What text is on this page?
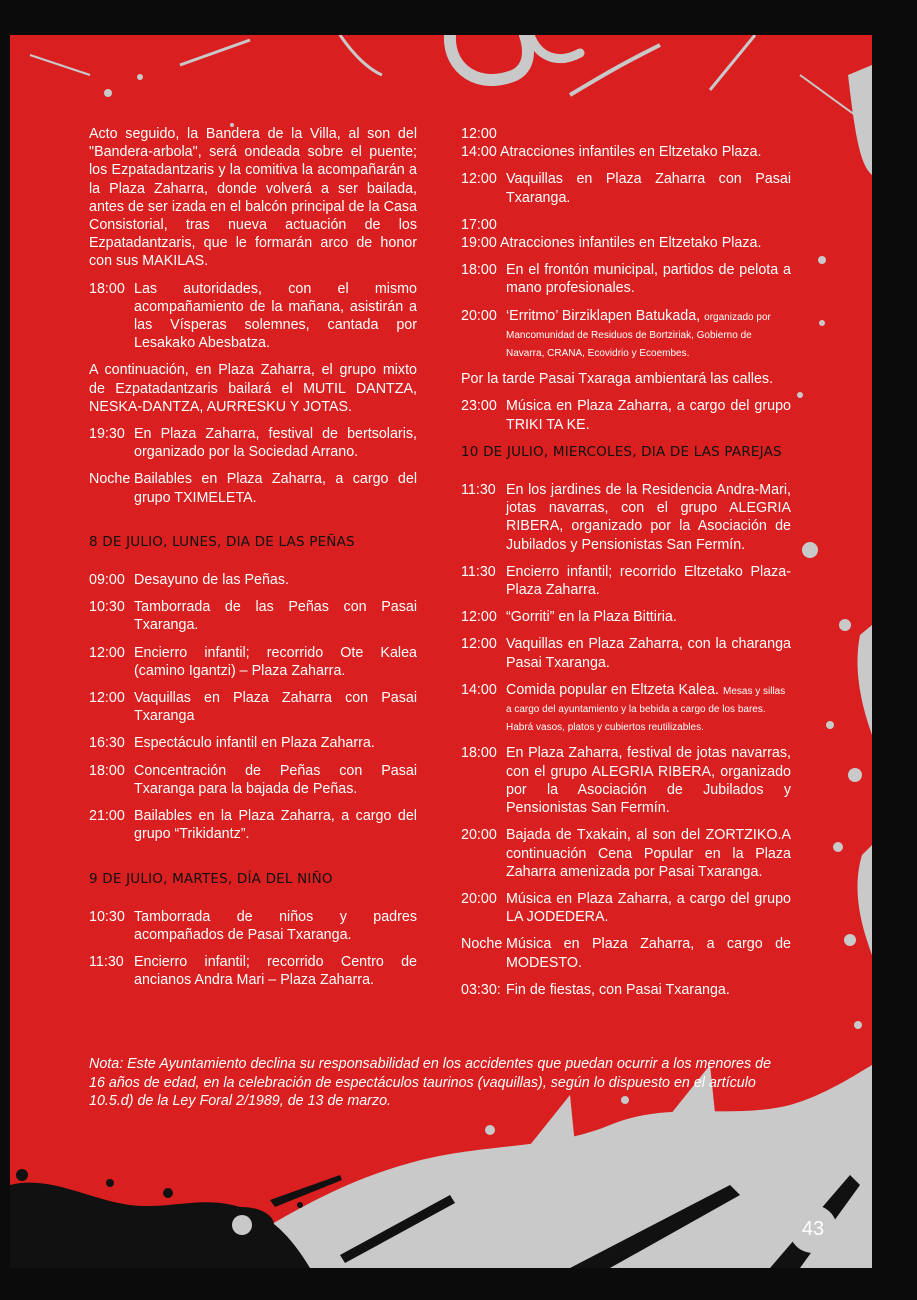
Acto seguido, la Bandera de la Villa, al son del "Bandera-arbola", será ondeada sobre el puente; los Ezpatadantzaris y la comitiva la acompañarán a la Plaza Zaharra, donde volverá a ser bailada, antes de ser izada en el balcón principal de la Casa Consistorial, tras nueva actuación de los Ezpatadantzaris, que le formarán arco de honor con sus MAKILAS.

18:00 Las autoridades, con el mismo acompañamiento de la mañana, asistirán a las Vísperas solemnes, cantada por Lesakako Abesbatza.

A continuación, en Plaza Zaharra, el grupo mixto de Ezpatadantzaris bailará el MUTIL DANTZA, NESKA-DANTZA, AURRESKU Y JOTAS.

19:30 En Plaza Zaharra, festival de bertsolaris, organizado por la Sociedad Arrano.
Noche Bailables en Plaza Zaharra, a cargo del grupo TXIMELETA.
8 DE JULIO, LUNES, DIA DE LAS PEÑAS
09:00 Desayuno de las Peñas.
10:30 Tamborrada de las Peñas con Pasai Txaranga.
12:00 Encierro infantil; recorrido Ote Kalea (camino Igantzi) – Plaza Zaharra.
12:00 Vaquillas en Plaza Zaharra con Pasai Txaranga
16:30 Espectáculo infantil en Plaza Zaharra.
18:00 Concentración de Peñas con Pasai Txaranga para la bajada de Peñas.
21:00 Bailables en la Plaza Zaharra, a cargo del grupo “Trikidantz”.
9 DE JULIO, MARTES, DÍA DEL NIÑO
10:30 Tamborrada de niños y padres acompañados de Pasai Txaranga.
11:30 Encierro infantil; recorrido Centro de ancianos Andra Mari – Plaza Zaharra.
12:00
14:00 Atracciones infantiles en Eltzetako Plaza.
12:00 Vaquillas en Plaza Zaharra con Pasai Txaranga.
17:00
19:00 Atracciones infantiles en Eltzetako Plaza.
18:00 En el frontón municipal, partidos de pelota a mano profesionales.
20:00 ‘Erritmo’ Birziklapen Batukada, organizado por Mancomunidad de Residuos de Bortziriak, Gobierno de Navarra, CRANA, Ecovidrio y Ecoembes.

Por la tarde Pasai Txaraga ambientará las calles.

23:00 Música en Plaza Zaharra, a cargo del grupo TRIKI TA KE.
10 DE JULIO, MIERCOLES, DIA DE LAS PAREJAS
11:30 En los jardines de la Residencia Andra-Mari, jotas navarras, con el grupo ALEGRIA RIBERA, organizado por la Asociación de Jubilados y Pensionistas San Fermín.
11:30 Encierro infantil; recorrido Eltzetako Plaza-Plaza Zaharra.
12:00 “Gorriti” en la Plaza Bittiria.
12:00 Vaquillas en Plaza Zaharra, con la charanga Pasai Txaranga.
14:00 Comida popular en Eltzeta Kalea. Mesas y sillas a cargo del ayuntamiento y la bebida a cargo de los bares. Habrá vasos, platos y cubiertos reutilizables.
18:00 En Plaza Zaharra, festival de jotas navarras, con el grupo ALEGRIA RIBERA, organizado por la Asociación de Jubilados y Pensionistas San Fermín.
20:00 Bajada de Txakain, al son del ZORTZIKO.A continuación Cena Popular en la Plaza Zaharra amenizada por Pasai Txaranga.
20:00 Música en Plaza Zaharra, a cargo del grupo LA JODEDERA.
Noche Música en Plaza Zaharra, a cargo de MODESTO.
03:30: Fin de fiestas, con Pasai Txaranga.
Nota: Este Ayuntamiento declina su responsabilidad en los accidentes que puedan ocurrir a los menores de 16 años de edad, en la celebración de espectáculos taurinos (vaquillas), según lo dispuesto en el artículo 10.5.d) de la Ley Foral 2/1989, de 13 de marzo.
43
